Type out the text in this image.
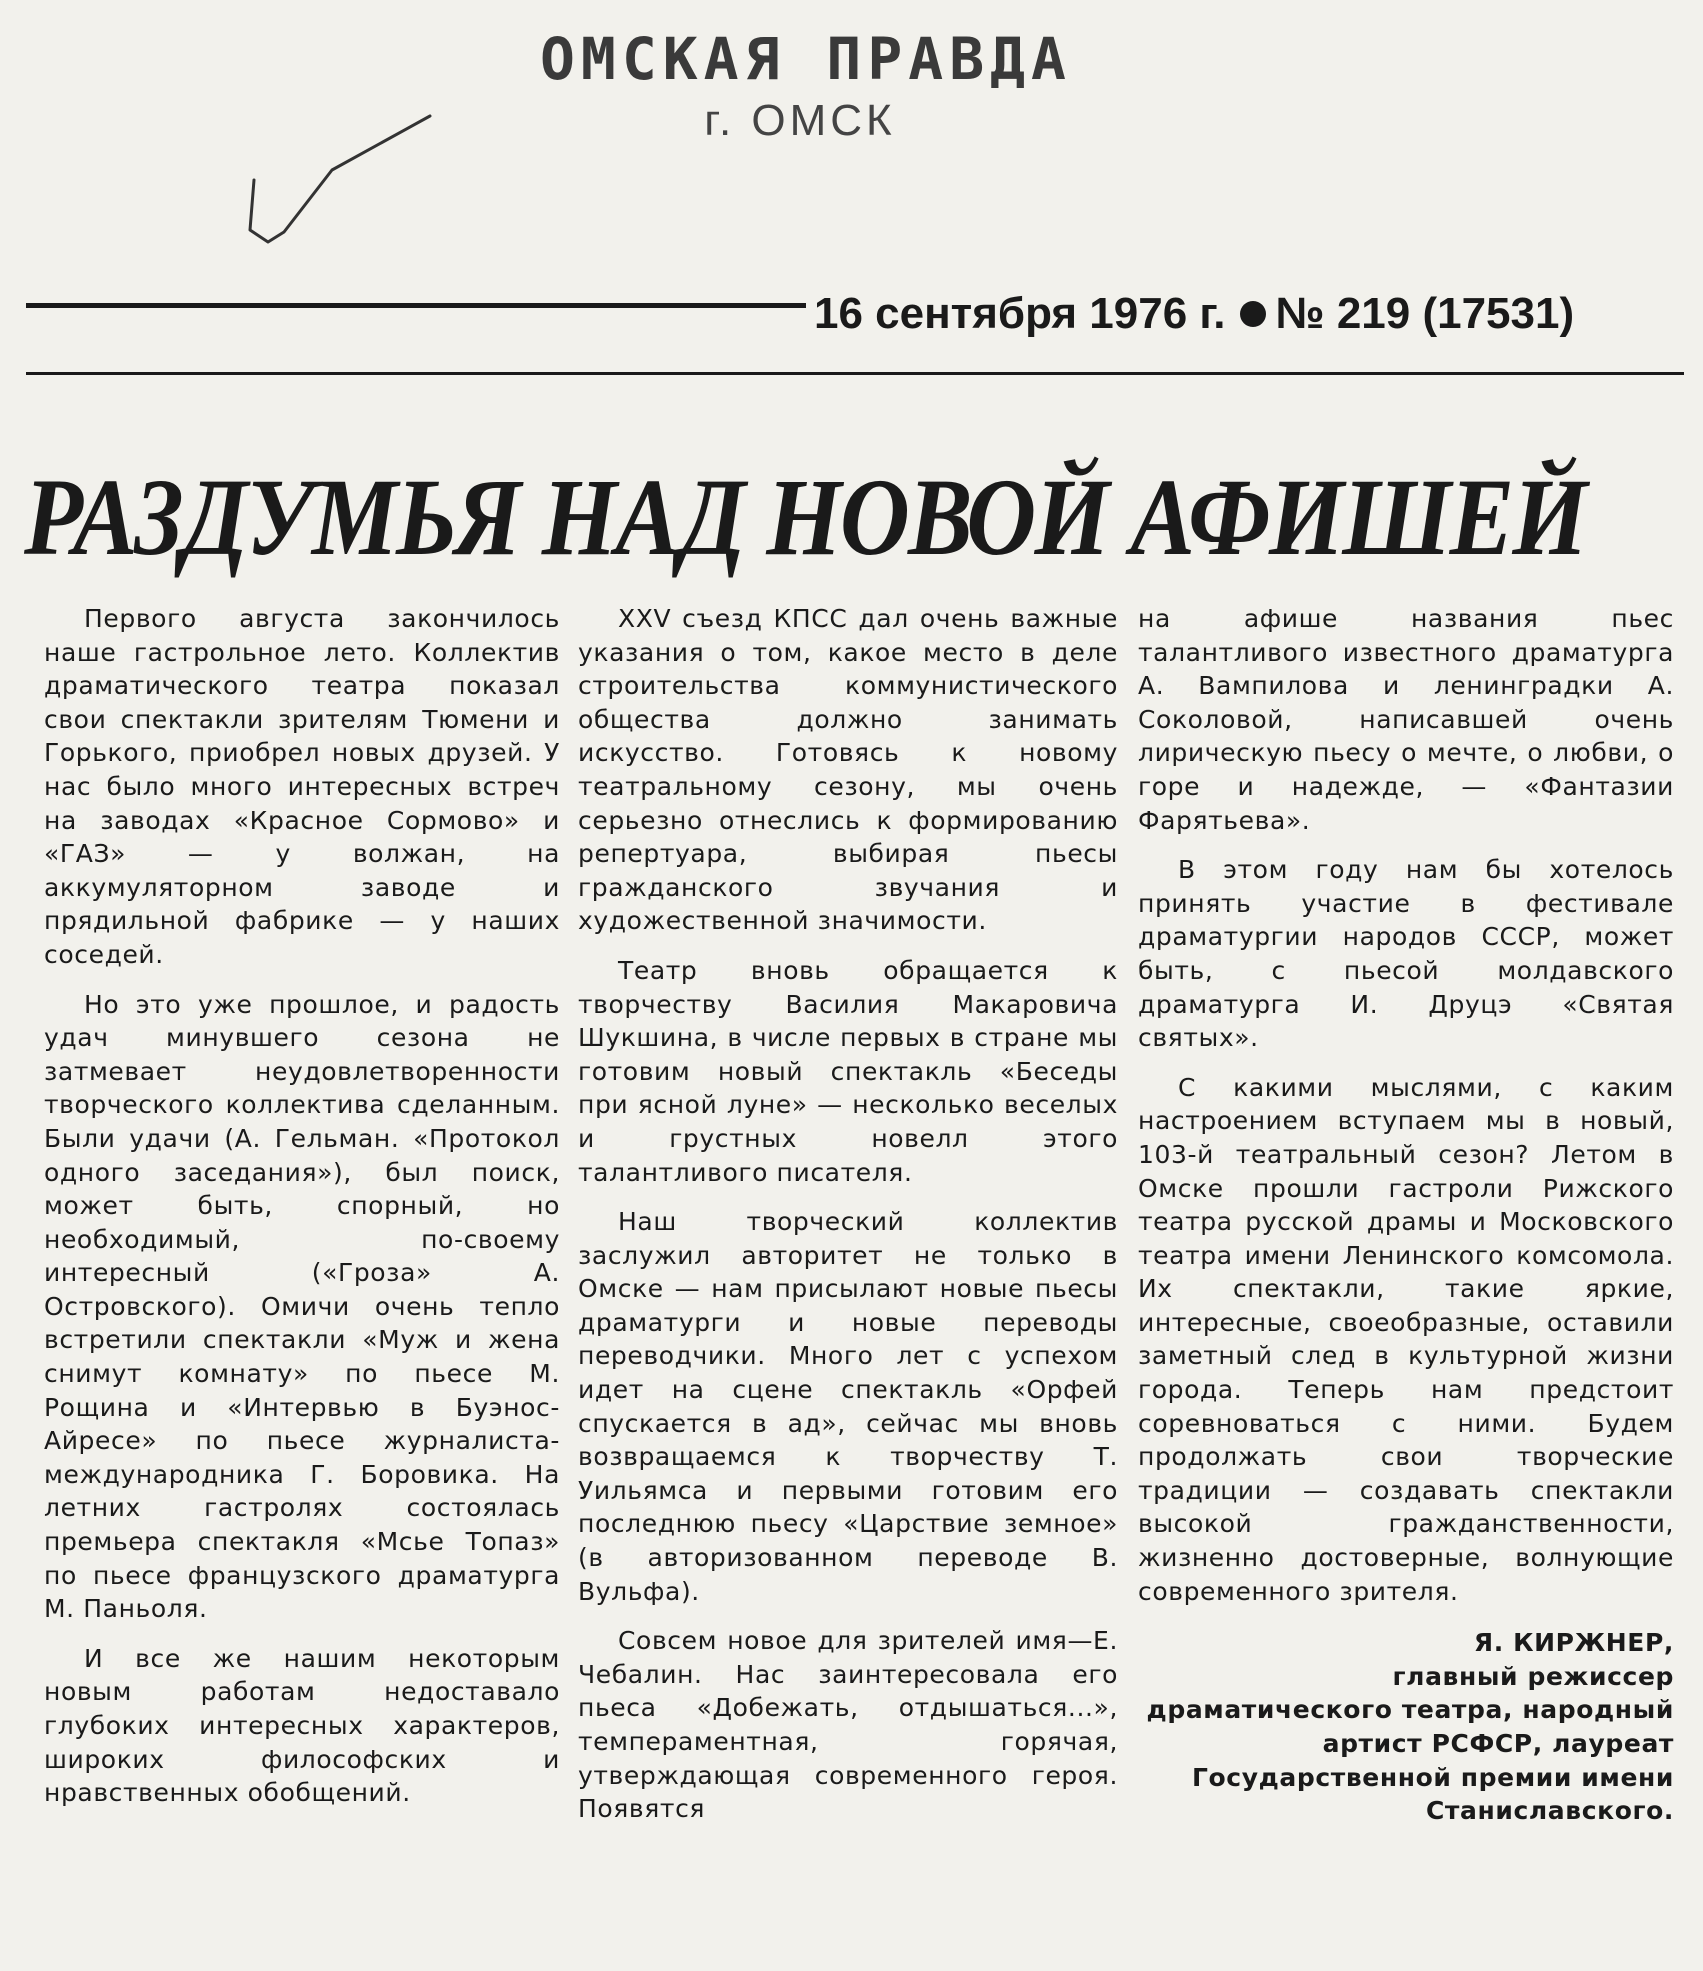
ОМСКАЯ ПРАВДА
г. ОМСК
16 сентября 1976 г. № 219 (17531)
РАЗДУМЬЯ НАД НОВОЙ АФИШЕЙ

Первого августа закончилось наше гастрольное лето. Коллектив драматического театра показал свои спектакли зрителям Тюмени и Горького, приобрел новых друзей. У нас было много интересных встреч на заводах «Красное Сормово» и «ГАЗ» — у волжан, на аккумуляторном заводе и прядильной фабрике — у наших соседей.

Но это уже прошлое, и радость удач минувшего сезона не затмевает неудовлетворенности творческого коллектива сделанным. Были удачи (А. Гельман. «Протокол одного заседания»), был поиск, может быть, спорный, но необходимый, по-своему интересный («Гроза» А. Островского). Омичи очень тепло встретили спектакли «Муж и жена снимут комнату» по пьесе М. Рощина и «Интервью в Буэнос-Айресе» по пьесе журналиста-международника Г. Боровика. На летних гастролях состоялась премьера спектакля «Мсье Топаз» по пьесе французского драматурга М. Паньоля.

И все же нашим некоторым новым работам недоставало глубоких интересных характеров, широких философских и нравственных обобщений.

XXV съезд КПСС дал очень важные указания о том, какое место в деле строительства коммунистического общества должно занимать искусство. Готовясь к новому театральному сезону, мы очень серьезно отнеслись к формированию репертуара, выбирая пьесы гражданского звучания и художественной значимости.

Театр вновь обращается к творчеству Василия Макаровича Шукшина, в числе первых в стране мы готовим новый спектакль «Беседы при ясной луне» — несколько веселых и грустных новелл этого талантливого писателя.

Наш творческий коллектив заслужил авторитет не только в Омске — нам присылают новые пьесы драматурги и новые переводы переводчики. Много лет с успехом идет на сцене спектакль «Орфей спускается в ад», сейчас мы вновь возвращаемся к творчеству Т. Уильямса и первыми готовим его последнюю пьесу «Царствие земное» (в авторизованном переводе В. Вульфа).

Совсем новое для зрителей имя—Е. Чебалин. Нас заинтересовала его пьеса «Добежать, отдышаться...», темпераментная, горячая, утверждающая современного героя. Появятся

на афише названия пьес талантливого известного драматурга А. Вампилова и ленинградки А. Соколовой, написавшей очень лирическую пьесу о мечте, о любви, о горе и надежде, — «Фантазии Фарятьева».

В этом году нам бы хотелось принять участие в фестивале драматургии народов СССР, может быть, с пьесой молдавского драматурга И. Друцэ «Святая святых».

С какими мыслями, с каким настроением вступаем мы в новый, 103-й театральный сезон? Летом в Омске прошли гастроли Рижского театра русской драмы и Московского театра имени Ленинского комсомола. Их спектакли, такие яркие, интересные, своеобразные, оставили заметный след в культурной жизни города. Теперь нам предстоит соревноваться с ними. Будем продолжать свои творческие традиции — создавать спектакли высокой гражданственности, жизненно достоверные, волнующие современного зрителя.

Я. КИРЖНЕР,
главный режиссер драматического театра, народный артист РСФСР, лауреат Государственной премии имени Станиславского.
